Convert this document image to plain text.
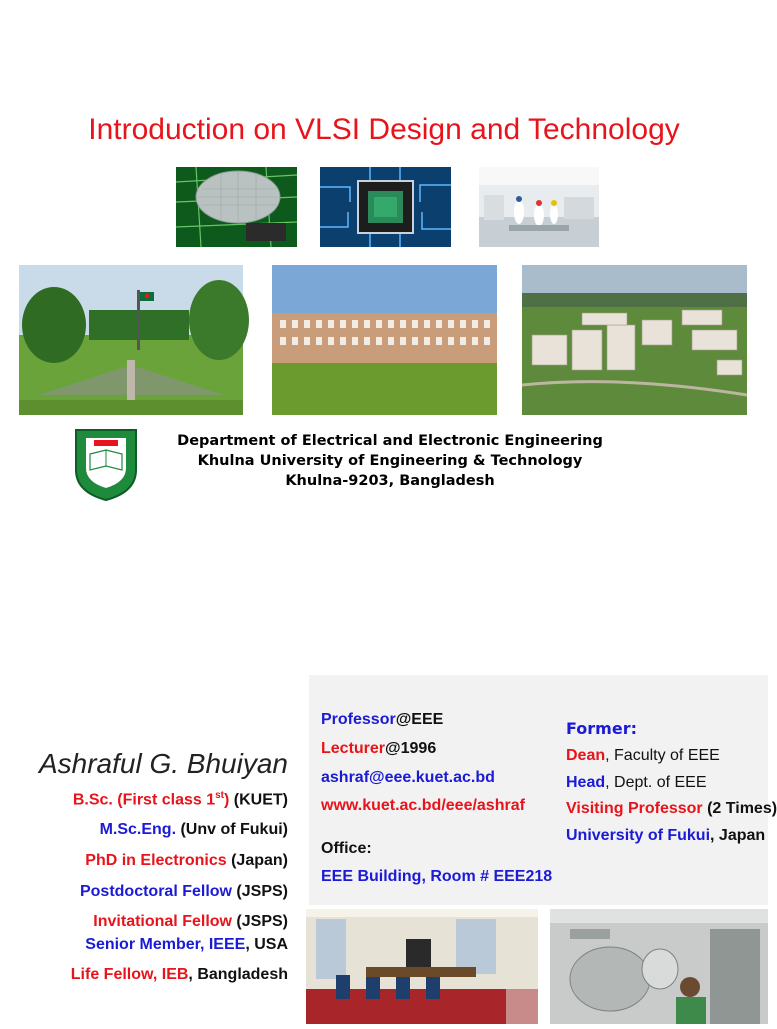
Introduction on VLSI Design and Technology
Department of Electrical and Electronic Engineering
Khulna University of Engineering & Technology
Khulna-9203, Bangladesh
Professor@EEE
Lecturer@1996
ashraf@eee.kuet.ac.bd
www.kuet.ac.bd/eee/ashraf
Office:
EEE Building, Room # EEE218
Former:
Dean, Faculty of EEE
Head, Dept. of EEE
Visiting Professor (2 Times)
University of Fukui, Japan
Ashraful G. Bhuiyan
B.Sc. (First class 1st) (KUET)
M.Sc.Eng. (Unv of Fukui)
PhD in Electronics (Japan)
Postdoctoral Fellow (JSPS)
Invitational Fellow (JSPS)
Senior Member, IEEE, USA
Life Fellow, IEB, Bangladesh
